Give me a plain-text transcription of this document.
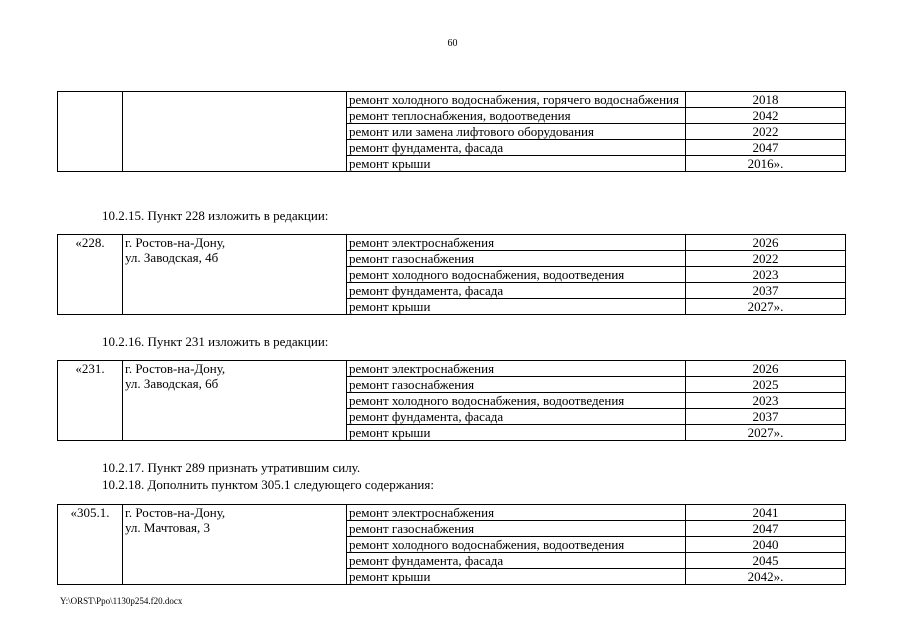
60
		ремонт холодного водоснабжения, горячего водоснабжения	2018
		ремонт теплоснабжения, водоотведения	2042
		ремонт или замена лифтового оборудования	2022
		ремонт фундамента, фасада	2047
		ремонт крыши	2016».
10.2.15. Пункт 228 изложить в редакции:
«228.	г. Ростов-на-Дону,
ул. Заводская, 4б	ремонт электроснабжения	2026
		ремонт газоснабжения	2022
		ремонт холодного водоснабжения, водоотведения	2023
		ремонт фундамента, фасада	2037
		ремонт крыши	2027».
10.2.16. Пункт 231 изложить в редакции:
«231.	г. Ростов-на-Дону,
ул. Заводская, 6б	ремонт электроснабжения	2026
		ремонт газоснабжения	2025
		ремонт холодного водоснабжения, водоотведения	2023
		ремонт фундамента, фасада	2037
		ремонт крыши	2027».
10.2.17. Пункт 289 признать утратившим силу.
10.2.18. Дополнить пунктом 305.1 следующего содержания:
«305.1.	г. Ростов-на-Дону,
ул. Мачтовая, 3	ремонт электроснабжения	2041
		ремонт газоснабжения	2047
		ремонт холодного водоснабжения, водоотведения	2040
		ремонт фундамента, фасада	2045
		ремонт крыши	2042».
Y:\ORST\Ppo\1130p254.f20.docx
